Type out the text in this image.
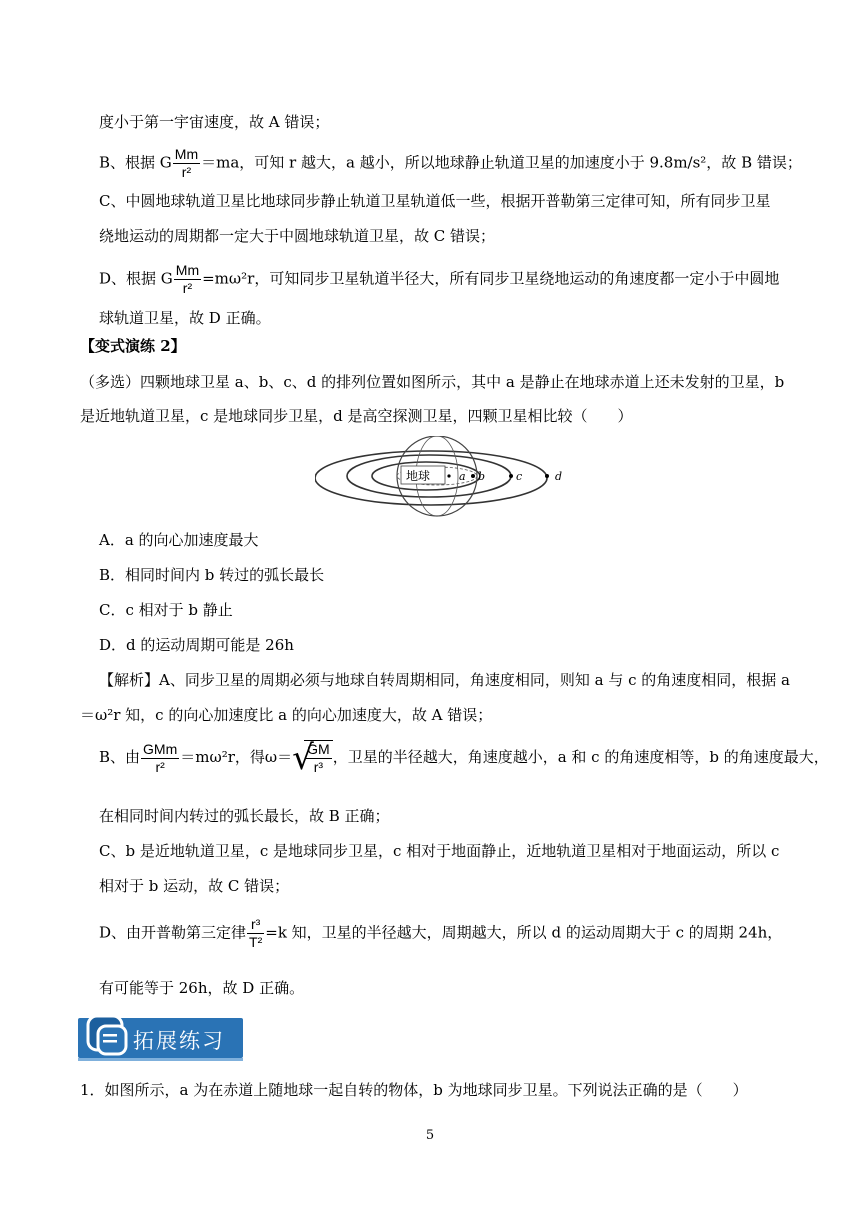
度小于第一宇宙速度，故 A 错误；
B、根据 G $\frac{Mm}{\text{r²}} =ma$，可知 r 越大，a 越小，所以地球静止轨道卫星的加速度小于 9.8m/s²，故 B 错误；
C、中圆地球轨道卫星比地球同步静止轨道卫星轨道低一些，根据开普勒第三定律可知，所有同步卫星
绕地运动的周期都一定大于中圆地球轨道卫星，故 C 错误；
D、根据 G $\frac{Mm}{\text{r²}} =m\omega^2r$，可知同步卫星轨道半径大，所有同步卫星绕地运动的角速度都一定小于中圆地
球轨道卫星，故 D 正确。
【变式演练 2】
（多选）四颗地球卫星 a、b、c、d 的排列位置如图所示，其中 a 是静止在地球赤道上还未发射的卫星，b
是近地轨道卫星，c 是地球同步卫星，d 是高空探测卫星，四颗卫星相比较（　　）
地球	a b	c	d
A．a 的向心加速度最大
B．相同时间内 b 转过的弧长最长
C．c 相对于 b 静止
D．d 的运动周期可能是 26h
【解析】A、同步卫星的周期必须与地球自转周期相同，角速度相同，则知 a 与 c 的角速度相同，根据 a
＝ω²r 知，c 的向心加速度比 a 的向心加速度大，故 A 错误；
B、由 $\frac{\text{GMm}}{\text{r²}} =m\omega^2r$，得ω＝ √
$\frac{GM}{\text{r³}}$ ，卫星的半径越大，角速度越小，a 和 c 的角速度相等，b 的角速度最大，
在相同时间内转过的弧长最长，故 B 正确；
C、b 是近地轨道卫星，c 是地球同步卫星，c 相对于地面静止，近地轨道卫星相对于地面运动，所以 c
相对于 b 运动，故 C 错误；
D、由开普勒第三定律 $\frac{\text{r³}}{\text{T²}} =k$ 知，卫星的半径越大，周期越大，所以 d 的运动周期大于 c 的周期 24h，
有可能等于 26h，故 D 正确。
拓展练习
1．如图所示，a 为在赤道上随地球一起自转的物体，b 为地球同步卫星。下列说法正确的是（　　）
5
